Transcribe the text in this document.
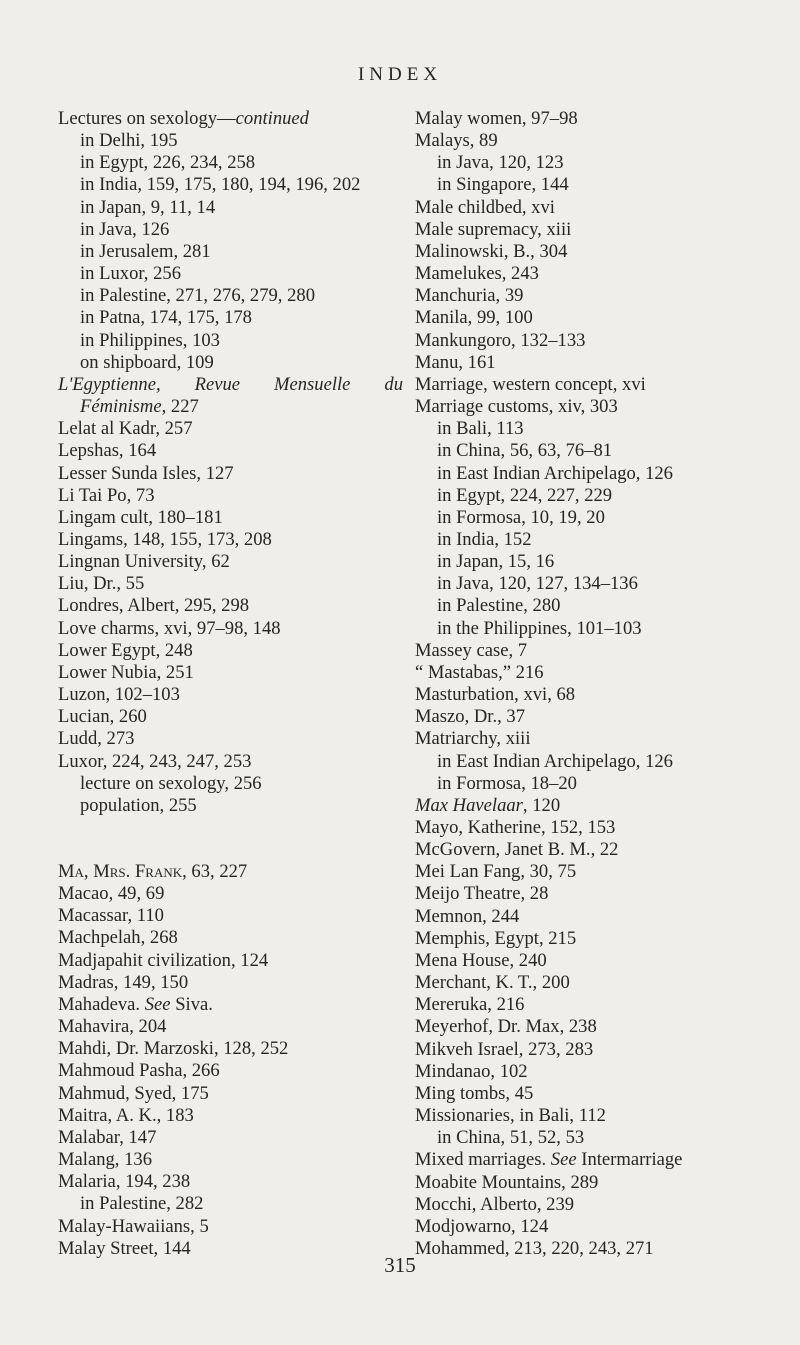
INDEX
Lectures on sexology—continued
in Delhi, 195
in Egypt, 226, 234, 258
in India, 159, 175, 180, 194, 196, 202
in Japan, 9, 11, 14
in Java, 126
in Jerusalem, 281
in Luxor, 256
in Palestine, 271, 276, 279, 280
in Patna, 174, 175, 178
in Philippines, 103
on shipboard, 109
L'Egyptienne, Revue Mensuelle du
Féminisme, 227
Lelat al Kadr, 257
Lepshas, 164
Lesser Sunda Isles, 127
Li Tai Po, 73
Lingam cult, 180–181
Lingams, 148, 155, 173, 208
Lingnan University, 62
Liu, Dr., 55
Londres, Albert, 295, 298
Love charms, xvi, 97–98, 148
Lower Egypt, 248
Lower Nubia, 251
Luzon, 102–103
Lucian, 260
Ludd, 273
Luxor, 224, 243, 247, 253
lecture on sexology, 256
population, 255
Ma, Mrs. Frank, 63, 227
Macao, 49, 69
Macassar, 110
Machpelah, 268
Madjapahit civilization, 124
Madras, 149, 150
Mahadeva. See Siva.
Mahavira, 204
Mahdi, Dr. Marzoski, 128, 252
Mahmoud Pasha, 266
Mahmud, Syed, 175
Maitra, A. K., 183
Malabar, 147
Malang, 136
Malaria, 194, 238
in Palestine, 282
Malay-Hawaiians, 5
Malay Street, 144
Malay women, 97–98
Malays, 89
in Java, 120, 123
in Singapore, 144
Male childbed, xvi
Male supremacy, xiii
Malinowski, B., 304
Mamelukes, 243
Manchuria, 39
Manila, 99, 100
Mankungoro, 132–133
Manu, 161
Marriage, western concept, xvi
Marriage customs, xiv, 303
in Bali, 113
in China, 56, 63, 76–81
in East Indian Archipelago, 126
in Egypt, 224, 227, 229
in Formosa, 10, 19, 20
in India, 152
in Japan, 15, 16
in Java, 120, 127, 134–136
in Palestine, 280
in the Philippines, 101–103
Massey case, 7
“ Mastabas,” 216
Masturbation, xvi, 68
Maszo, Dr., 37
Matriarchy, xiii
in East Indian Archipelago, 126
in Formosa, 18–20
Max Havelaar, 120
Mayo, Katherine, 152, 153
McGovern, Janet B. M., 22
Mei Lan Fang, 30, 75
Meijo Theatre, 28
Memnon, 244
Memphis, Egypt, 215
Mena House, 240
Merchant, K. T., 200
Mereruka, 216
Meyerhof, Dr. Max, 238
Mikveh Israel, 273, 283
Mindanao, 102
Ming tombs, 45
Missionaries, in Bali, 112
in China, 51, 52, 53
Mixed marriages. See Intermarriage
Moabite Mountains, 289
Mocchi, Alberto, 239
Modjowarno, 124
Mohammed, 213, 220, 243, 271
315
